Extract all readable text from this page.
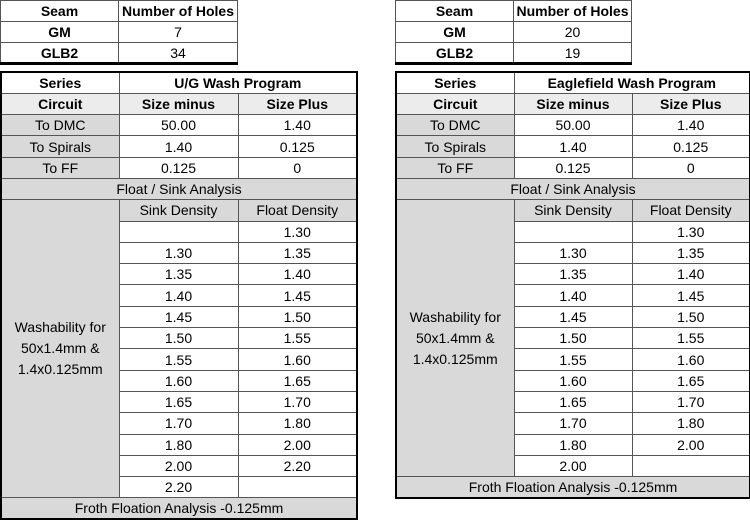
Seam	Number of Holes
GM	7
GLB2	34
Seam	Number of Holes
GM	20
GLB2	19
Series	U/G Wash Program	
Circuit	Size minus	Size Plus
To DMC	50.00	1.40
To Spirals	1.40	0.125
To FF	0.125	0
Float / Sink Analysis		
Washability for 50x1.4mm & 1.4x0.125mm	Sink Density	Float Density
		1.30
	1.30	1.35
	1.35	1.40
	1.40	1.45
	1.45	1.50
	1.50	1.55
	1.55	1.60
	1.60	1.65
	1.65	1.70
	1.70	1.80
	1.80	2.00
	2.00	2.20
	2.20	
Froth Floation Analysis -0.125mm		
Series	Eaglefield Wash Program	
Circuit	Size minus	Size Plus
To DMC	50.00	1.40
To Spirals	1.40	0.125
To FF	0.125	0
Float / Sink Analysis		
Washability for 50x1.4mm & 1.4x0.125mm	Sink Density	Float Density
		1.30
	1.30	1.35
	1.35	1.40
	1.40	1.45
	1.45	1.50
	1.50	1.55
	1.55	1.60
	1.60	1.65
	1.65	1.70
	1.70	1.80
	1.80	2.00
	2.00	
Froth Floation Analysis -0.125mm		
